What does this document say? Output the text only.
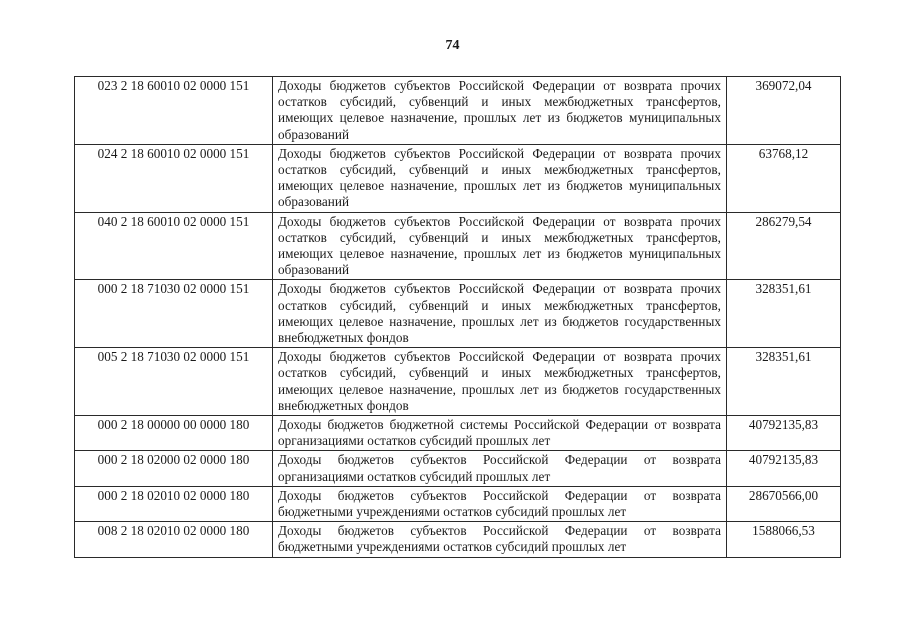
74
023 2 18 60010 02 0000 151	Доходы бюджетов субъектов Российской Федерации от возврата прочих остатков субсидий, субвенций и иных межбюджетных трансфертов, имеющих целевое назначение, прошлых лет из бюджетов муниципальных образований	369072,04
024 2 18 60010 02 0000 151	Доходы бюджетов субъектов Российской Федерации от возврата прочих остатков субсидий, субвенций и иных межбюджетных трансфертов, имеющих целевое назначение, прошлых лет из бюджетов муниципальных образований	63768,12
040 2 18 60010 02 0000 151	Доходы бюджетов субъектов Российской Федерации от возврата прочих остатков субсидий, субвенций и иных межбюджетных трансфертов, имеющих целевое назначение, прошлых лет из бюджетов муниципальных образований	286279,54
000 2 18 71030 02 0000 151	Доходы бюджетов субъектов Российской Федерации от возврата прочих остатков субсидий, субвенций и иных межбюджетных трансфертов, имеющих целевое назначение, прошлых лет из бюджетов государственных внебюджетных фондов	328351,61
005 2 18 71030 02 0000 151	Доходы бюджетов субъектов Российской Федерации от возврата прочих остатков субсидий, субвенций и иных межбюджетных трансфертов, имеющих целевое назначение, прошлых лет из бюджетов государственных внебюджетных фондов	328351,61
000 2 18 00000 00 0000 180	Доходы бюджетов бюджетной системы Российской Федерации от возврата организациями остатков субсидий прошлых лет	40792135,83
000 2 18 02000 02 0000 180	Доходы бюджетов субъектов Российской Федерации от возврата организациями остатков субсидий прошлых лет	40792135,83
000 2 18 02010 02 0000 180	Доходы бюджетов субъектов Российской Федерации от возврата бюджетными учреждениями остатков субсидий прошлых лет	28670566,00
008 2 18 02010 02 0000 180	Доходы бюджетов субъектов Российской Федерации от возврата бюджетными учреждениями остатков субсидий прошлых лет	1588066,53
